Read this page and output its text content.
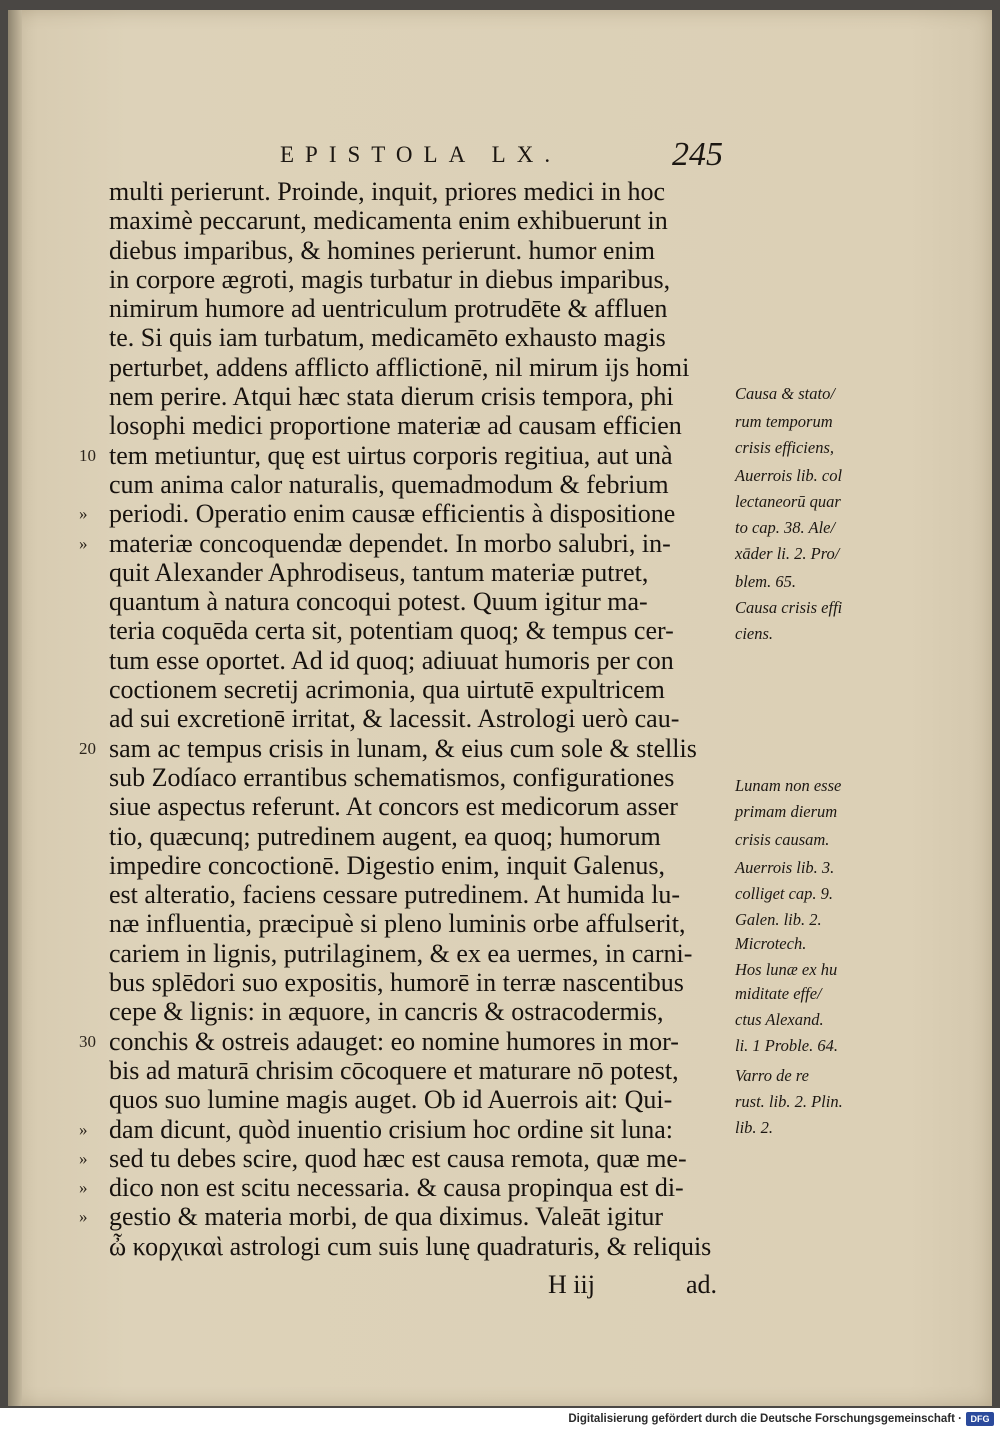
EPISTOLA LX.	245
multi perierunt. Proinde, inquit, priores medici in hoc
maximè peccarunt, medicamenta enim exhibuerunt in
diebus imparibus, & homines perierunt. humor enim
in corpore ægroti, magis turbatur in diebus imparibus,
nimirum humore ad uentriculum protrudēte & affluen
te. Si quis iam turbatum, medicamēto exhausto magis
perturbet, addens afflicto afflictionē, nil mirum ijs homi
nem perire. Atqui hæc stata dierum crisis tempora, phi
losophi medici proportione materiæ ad causam efficien
10 tem metiuntur, quę est uirtus corporis regitiua, aut unà
cum anima calor naturalis, quemadmodum & febrium
» periodi. Operatio enim causæ efficientis à dispositione
» materiæ concoquendæ dependet. In morbo salubri, in-
quit Alexander Aphrodiseus, tantum materiæ putret,
quantum à natura concoqui potest. Quum igitur ma-
teria coquēda certa sit, potentiam quoq; & tempus cer-
tum esse oportet. Ad id quoq; adiuuat humoris per con
coctionem secretij acrimonia, qua uirtutē expultricem
ad sui excretionē irritat, & lacessit. Astrologi uerò cau-
20 sam ac tempus crisis in lunam, & eius cum sole & stellis
sub Zodíaco errantibus schematismos, configurationes
siue aspectus referunt. At concors est medicorum asser
tio, quæcunq; putredinem augent, ea quoq; humorum
impedire concoctionē. Digestio enim, inquit Galenus,
est alteratio, faciens cessare putredinem. At humida lu-
næ influentia, præcipuè si pleno luminis orbe affulserit,
cariem in lignis, putrilaginem, & ex ea uermes, in carni-
bus splēdori suo expositis, humorē in terræ nascentibus
cepe & lignis: in æquore, in cancris & ostracodermis,
30 conchis & ostreis adauget: eo nomine humores in mor-
bis ad maturā chrisim cōcoquere et maturare nō potest,
quos suo lumine magis auget. Ob id Auerrois ait: Qui-
» dam dicunt, quòd inuentio crisium hoc ordine sit luna:
» sed tu debes scire, quod hæc est causa remota, quæ me-
» dico non est scitu necessaria. & causa propinqua est di-
» gestio & materia morbi, de qua diximus. Valeāt igitur
ὦ κορχικαὶ astrologi cum suis lunę quadraturis, & reliquis
Causa & stato/
rum temporum
crisis efficiens,
Auerrois lib. col
lectaneorū quar
to cap. 38. Ale/
xāder li. 2. Pro/
blem. 65.
Causa crisis effi
ciens.
Lunam non esse
primam dierum
crisis causam.
Auerrois lib. 3.
colliget cap. 9.
Galen. lib. 2.
Microtech.
Hos lunæ ex hu
miditate effe/
ctus Alexand.
li. 1 Proble. 64.
Varro de re
rust. lib. 2. Plin.
lib. 2.
H iij	ad.
Digitalisierung gefördert durch die Deutsche Forschungsgemeinschaft · DFG
